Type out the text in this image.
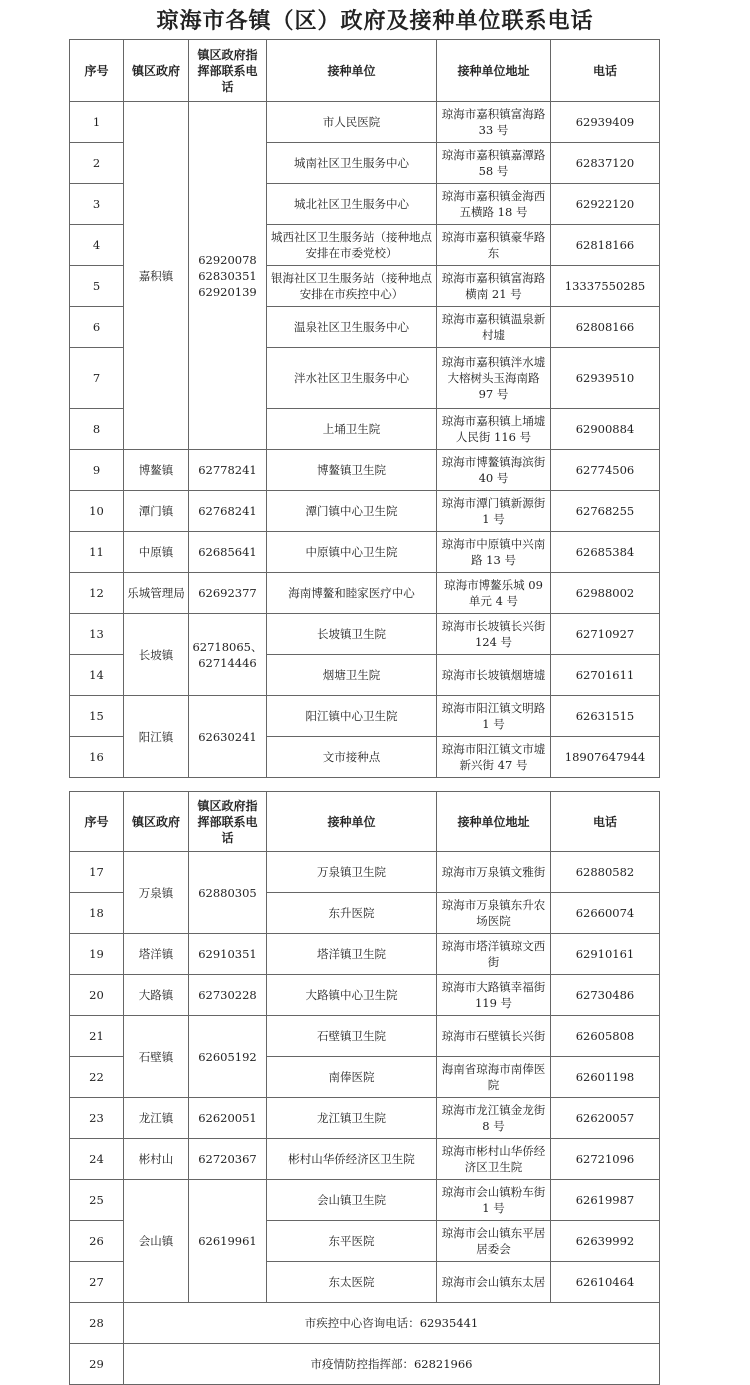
琼海市各镇（区）政府及接种单位联系电话
序号	镇区政府	镇区政府指挥部联系电话	接种单位	接种单位地址	电话
1	嘉积镇	62920078 62830351 62920139	市人民医院	琼海市嘉积镇富海路 33 号	62939409
2			城南社区卫生服务中心	琼海市嘉积镇嘉潭路 58 号	62837120
3			城北社区卫生服务中心	琼海市嘉积镇金海西五横路 18 号	62922120
4			城西社区卫生服务站（接种地点安排在市委党校）	琼海市嘉积镇豪华路东	62818166
5			银海社区卫生服务站（接种地点安排在市疾控中心）	琼海市嘉积镇富海路横南 21 号	13337550285
6			温泉社区卫生服务中心	琼海市嘉积镇温泉新村墟	62808166
7			泮水社区卫生服务中心	琼海市嘉积镇泮水墟大榕树头玉海南路 97 号	62939510
8			上埇卫生院	琼海市嘉积镇上埇墟人民街 116 号	62900884
9	博鳌镇	62778241	博鳌镇卫生院	琼海市博鳌镇海滨街 40 号	62774506
10	潭门镇	62768241	潭门镇中心卫生院	琼海市潭门镇新源街 1 号	62768255
11	中原镇	62685641	中原镇中心卫生院	琼海市中原镇中兴南路 13 号	62685384
12	乐城管理局	62692377	海南博鳌和睦家医疗中心	琼海市博鳌乐城 09 单元 4 号	62988002
13	长坡镇	62718065、62714446	长坡镇卫生院	琼海市长坡镇长兴街 124 号	62710927
14			烟塘卫生院	琼海市长坡镇烟塘墟	62701611
15	阳江镇	62630241	阳江镇中心卫生院	琼海市阳江镇文明路 1 号	62631515
16			文市接种点	琼海市阳江镇文市墟新兴街 47 号	18907647944
序号	镇区政府	镇区政府指挥部联系电话	接种单位	接种单位地址	电话
17	万泉镇	62880305	万泉镇卫生院	琼海市万泉镇文雅街	62880582
18			东升医院	琼海市万泉镇东升农场医院	62660074
19	塔洋镇	62910351	塔洋镇卫生院	琼海市塔洋镇琼文西街	62910161
20	大路镇	62730228	大路镇中心卫生院	琼海市大路镇幸福街 119 号	62730486
21	石壁镇	62605192	石壁镇卫生院	琼海市石壁镇长兴街	62605808
22			南俸医院	海南省琼海市南俸医院	62601198
23	龙江镇	62620051	龙江镇卫生院	琼海市龙江镇金龙街 8 号	62620057
24	彬村山	62720367	彬村山华侨经济区卫生院	琼海市彬村山华侨经济区卫生院	62721096
25	会山镇	62619961	会山镇卫生院	琼海市会山镇粉车街 1 号	62619987
26			东平医院	琼海市会山镇东平居居委会	62639992
27			东太医院	琼海市会山镇东太居	62610464
28	市疾控中心咨询电话：62935441				
29	市疫情防控指挥部：62821966				
